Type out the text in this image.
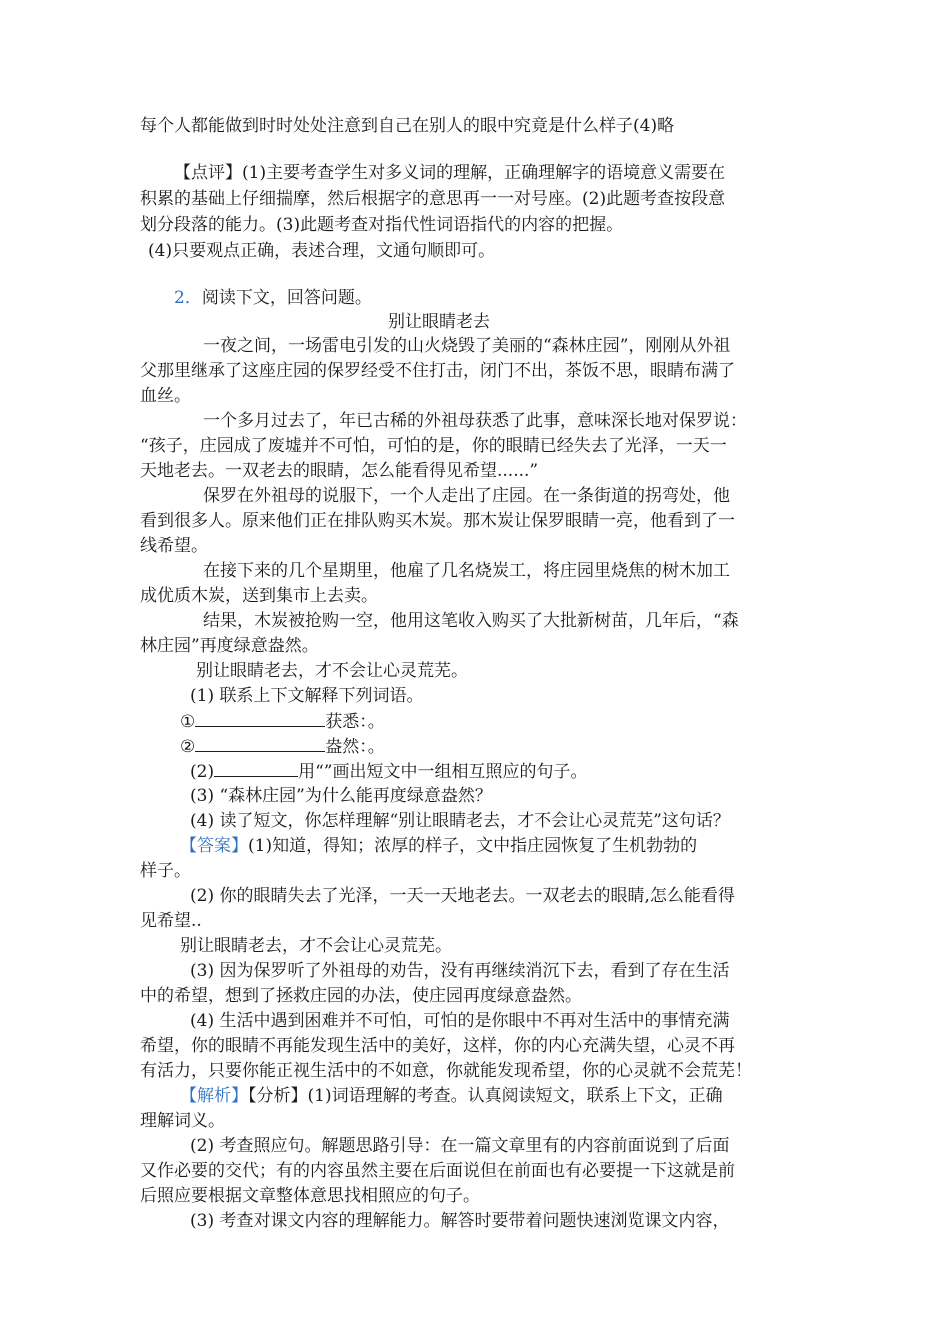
每个人都能做到时时处处注意到自己在别人的眼中究竟是什么样子(4)略
【点评】(1)主要考查学生对多义词的理解，正确理解字的语境意义需要在
积累的基础上仔细揣摩，然后根据字的意思再一一对号座。(2)此题考查按段意
划分段落的能力。(3)此题考查对指代性词语指代的内容的把握。
(4)只要观点正确，表述合理，文通句顺即可。
2．阅读下文，回答问题。
别让眼睛老去
一夜之间，一场雷电引发的山火烧毁了美丽的“森林庄园”，刚刚从外祖
父那里继承了这座庄园的保罗经受不住打击，闭门不出，茶饭不思，眼睛布满了
血丝。
一个多月过去了，年已古稀的外祖母获悉了此事，意味深长地对保罗说：
“孩子，庄园成了废墟并不可怕，可怕的是，你的眼睛已经失去了光泽，一天一
天地老去。一双老去的眼睛，怎么能看得见希望......”
保罗在外祖母的说服下，一个人走出了庄园。在一条街道的拐弯处，他
看到很多人。原来他们正在排队购买木炭。那木炭让保罗眼睛一亮，他看到了一
线希望。
在接下来的几个星期里，他雇了几名烧炭工，将庄园里烧焦的树木加工
成优质木炭，送到集市上去卖。
结果，木炭被抢购一空，他用这笔收入购买了大批新树苗，几年后，“森
林庄园”再度绿意盎然。
别让眼睛老去，才不会让心灵荒芜。
(1) 联系上下文解释下列词语。
①	获悉：。
②	盎然：。
(2)	用“”画出短文中一组相互照应的句子。
(3) “森林庄园”为什么能再度绿意盎然？
(4) 读了短文，你怎样理解“别让眼睛老去，才不会让心灵荒芜”这句话？
【答案】(1)知道，得知；浓厚的样子，文中指庄园恢复了生机勃勃的
样子。
(2) 你的眼睛失去了光泽，一天一天地老去。一双老去的眼睛,怎么能看得
见希望..
别让眼睛老去，才不会让心灵荒芜。
(3) 因为保罗听了外祖母的劝告，没有再继续消沉下去，看到了存在生活
中的希望，想到了拯救庄园的办法，使庄园再度绿意盎然。
(4) 生活中遇到困难并不可怕，可怕的是你眼中不再对生活中的事情充满
希望，你的眼睛不再能发现生活中的美好，这样，你的内心充满失望，心灵不再
有活力，只要你能正视生活中的不如意，你就能发现希望，你的心灵就不会荒芜！
【解析】【分析】(1)词语理解的考查。认真阅读短文，联系上下文，正确
理解词义。
(2) 考查照应句。解题思路引导：在一篇文章里有的内容前面说到了后面
又作必要的交代；有的内容虽然主要在后面说但在前面也有必要提一下这就是前
后照应要根据文章整体意思找相照应的句子。
(3) 考查对课文内容的理解能力。解答时要带着问题快速浏览课文内容，
